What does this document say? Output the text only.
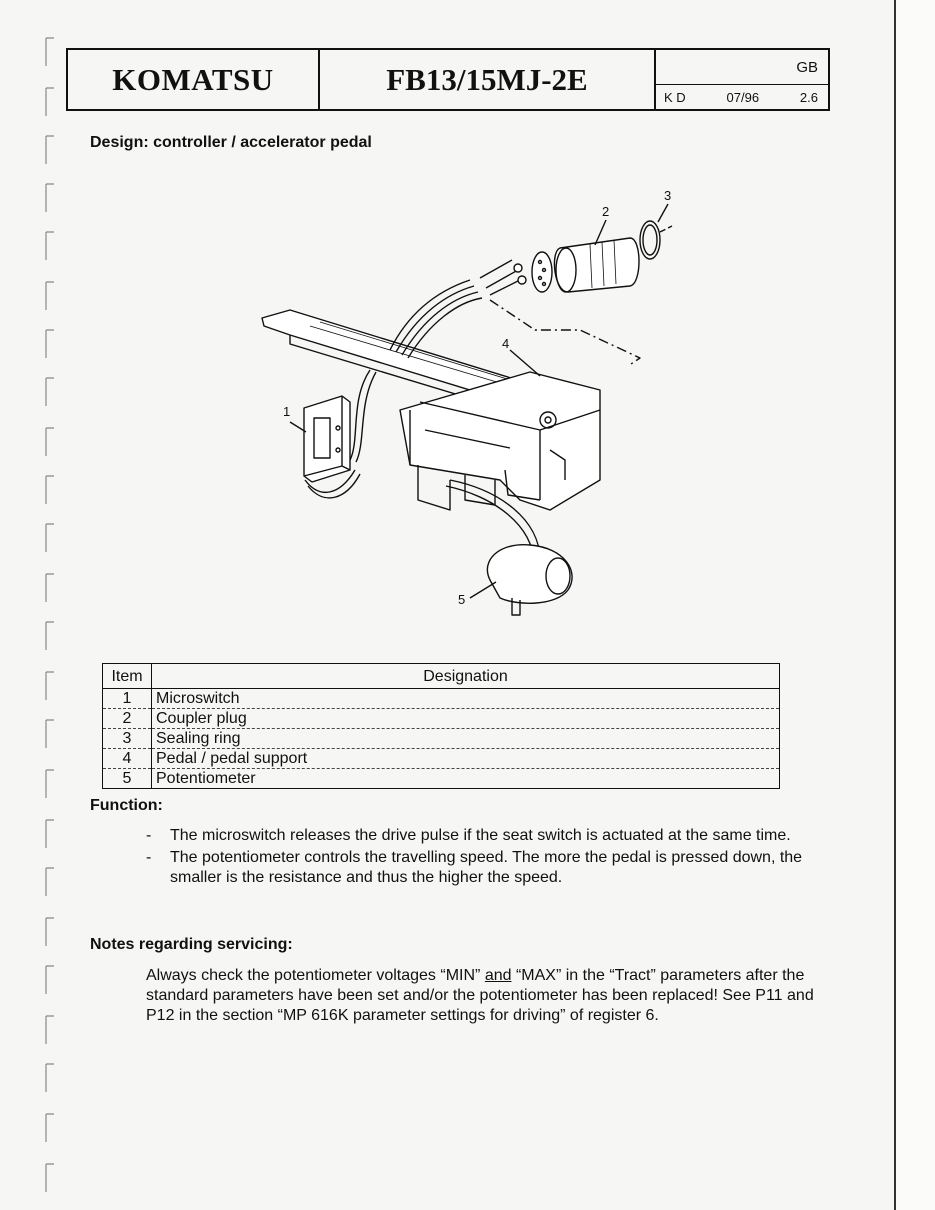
KOMATSU	FB13/15MJ-2E	GB
K D	07/96	2.6
Design: controller / accelerator pedal
1
2
3
4
5
Item	Designation
1	Microswitch
2	Coupler plug
3	Sealing ring
4	Pedal / pedal support
5	Potentiometer
Function:
- The microswitch releases the drive pulse if the seat switch is actuated at the same time.
- The potentiometer controls the travelling speed. The more the pedal is pressed down, the smaller is the resistance and thus the higher the speed.
Notes regarding servicing:

Always check the potentiometer voltages “MIN” and “MAX” in the “Tract” parameters after the standard parameters have been set and/or the potentiometer has been replaced! See P11 and P12 in the section “MP 616K parameter settings for driving” of register 6.
